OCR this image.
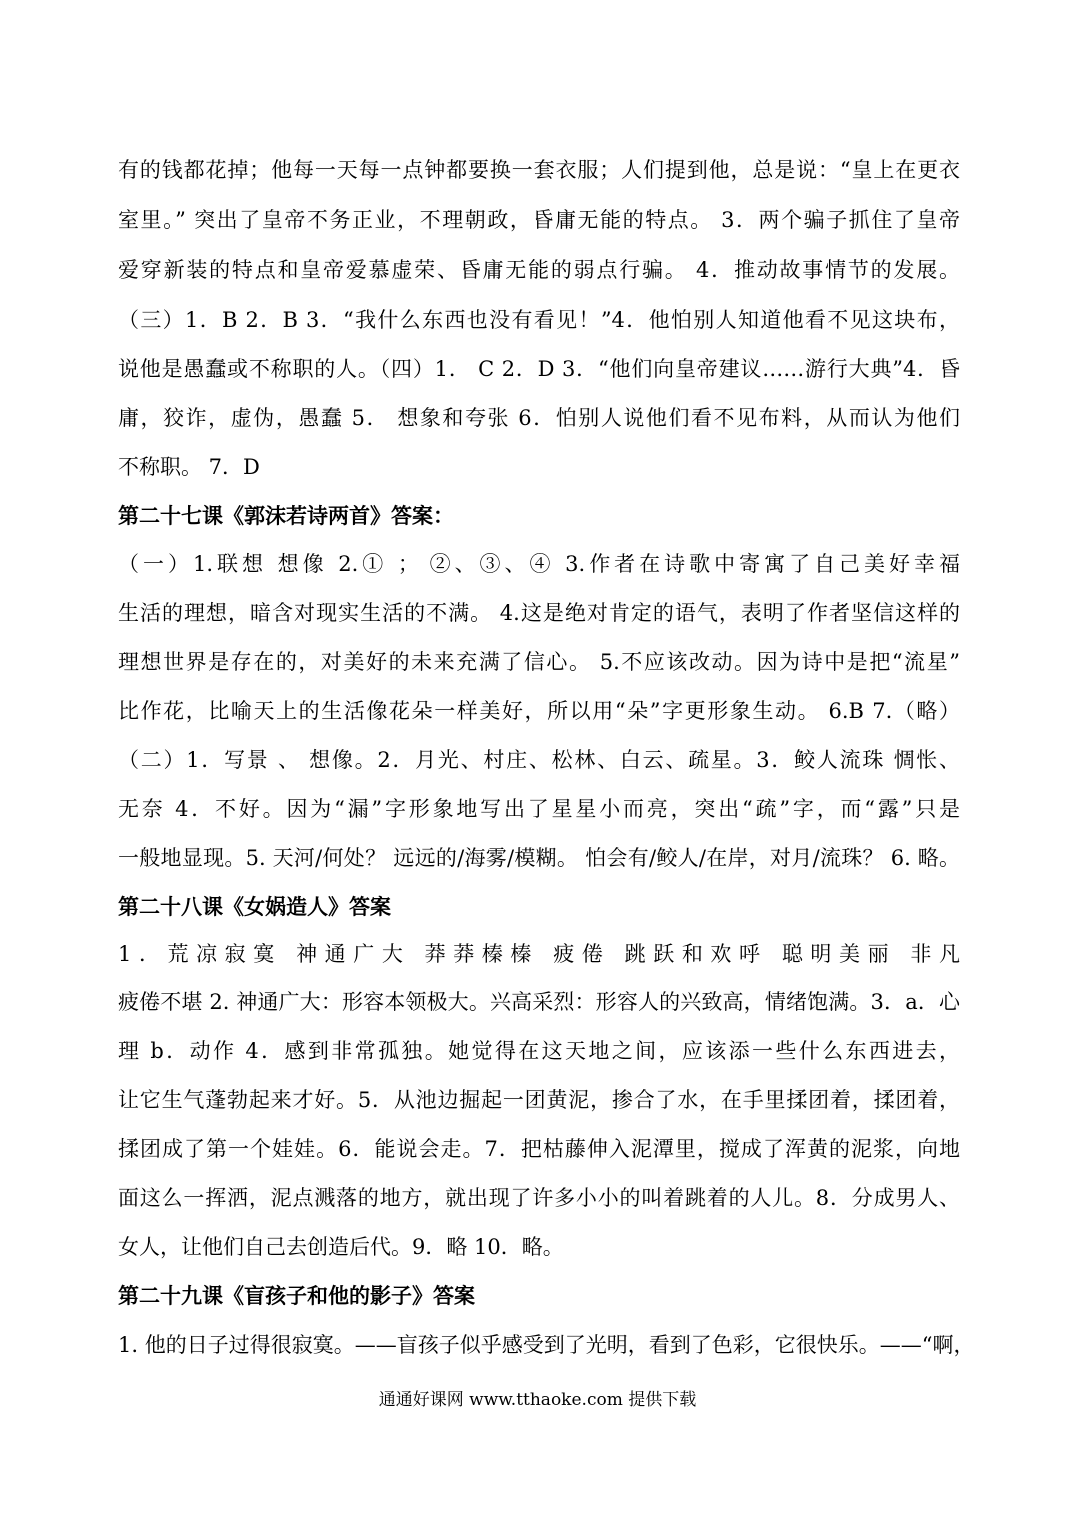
有的钱都花掉；他每一天每一点钟都要换一套衣服；人们提到他，总是说：“皇上在更衣
室里。” 突出了皇帝不务正业，不理朝政，昏庸无能的特点。 3．两个骗子抓住了皇帝
爱穿新装的特点和皇帝爱慕虚荣、昏庸无能的弱点行骗。 4．推动故事情节的发展。
（三）1．B 2．B 3．“我什么东西也没有看见！”4．他怕别人知道他看不见这块布，
说他是愚蠢或不称职的人。（四）1． C 2．D 3．“他们向皇帝建议……游行大典”4．昏
庸，狡诈，虚伪，愚蠢 5． 想象和夸张 6．怕别人说他们看不见布料，从而认为他们
不称职。 7．D
第二十七课《郭沫若诗两首》答案：
（一）1.联想 想像 2.① ； ②、③、④ 3.作者在诗歌中寄寓了自己美好幸福
生活的理想，暗含对现实生活的不满。 4.这是绝对肯定的语气，表明了作者坚信这样的
理想世界是存在的，对美好的未来充满了信心。 5.不应该改动。因为诗中是把“流星”
比作花，比喻天上的生活像花朵一样美好，所以用“朵”字更形象生动。 6.B 7.（略）
（二）1．写景 、 想像。2．月光、村庄、松林、白云、疏星。3．鲛人流珠 惆怅、
无奈 4．不好。因为“漏”字形象地写出了星星小而亮，突出“疏”字，而“露”只是
一般地显现。5. 天河/何处？ 远远的/海雾/模糊。 怕会有/鲛人/在岸，对月/流珠？ 6. 略。
第二十八课《女娲造人》答案
1．荒凉寂寞 神通广大 莽莽榛榛 疲倦 跳跃和欢呼 聪明美丽 非凡
疲倦不堪 2. 神通广大：形容本领极大。兴高采烈：形容人的兴致高，情绪饱满。3．a．心
理 b．动作 4．感到非常孤独。她觉得在这天地之间，应该添一些什么东西进去，
让它生气蓬勃起来才好。5．从池边掘起一团黄泥，掺合了水，在手里揉团着，揉团着，
揉团成了第一个娃娃。6．能说会走。7．把枯藤伸入泥潭里，搅成了浑黄的泥浆，向地
面这么一挥洒，泥点溅落的地方，就出现了许多小小的叫着跳着的人儿。8．分成男人、
女人，让他们自己去创造后代。9．略 10．略。
第二十九课《盲孩子和他的影子》答案
1. 他的日子过得很寂寞。——盲孩子似乎感受到了光明，看到了色彩，它很快乐。——“啊，
通通好课网 www.tthaoke.com 提供下载
